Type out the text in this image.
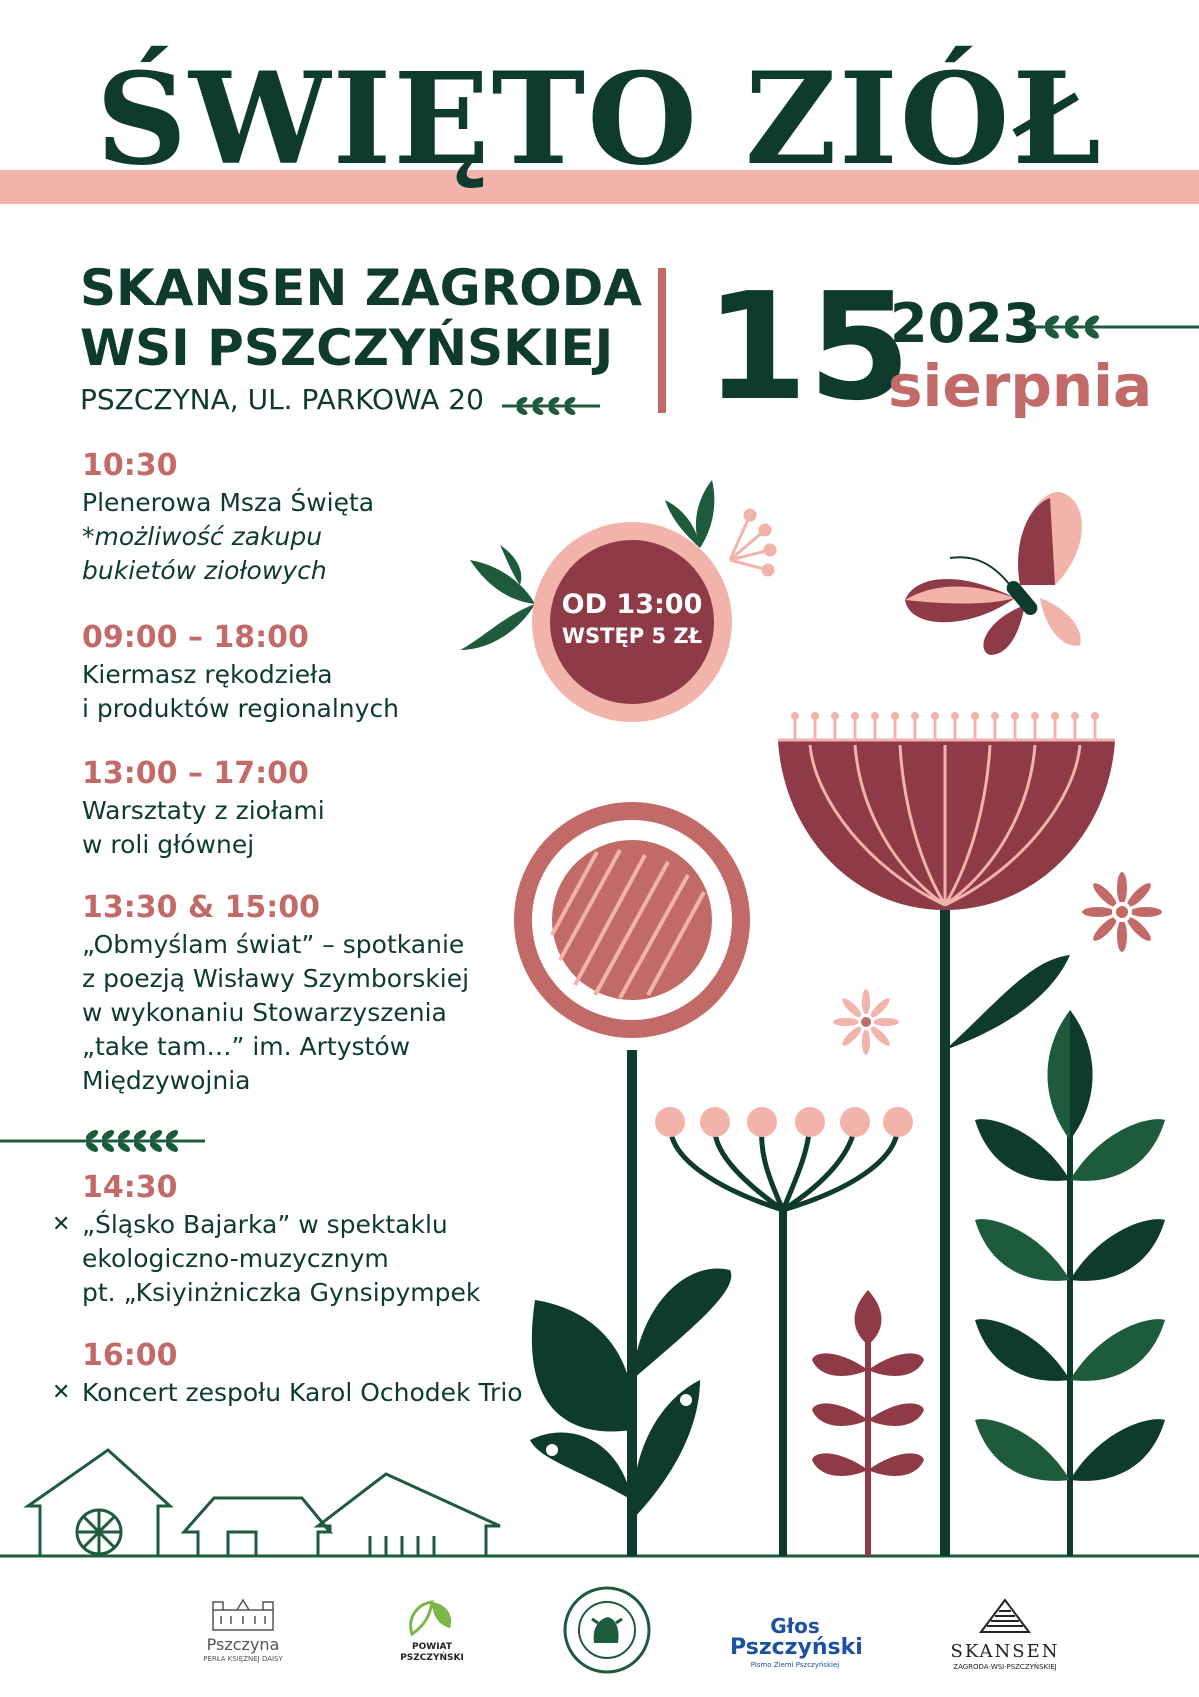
ŚWIĘTO ZIÓŁ
SKANSEN ZAGRODA
WSI PSZCZYŃSKIEJ
PSZCZYNA, UL. PARKOWA 20 15
2023
sierpnia
10:30
Plenerowa Msza Święta
*możliwość zakupu
bukietów ziołowych
09:00 – 18:00
Kiermasz rękodzieła
i produktów regionalnych
13:00 – 17:00
Warsztaty z ziołami
w roli głównej
13:30 & 15:00
„Obmyślam świat” – spotkanie
z poezją Wisławy Szymborskiej
w wykonaniu Stowarzyszenia
„take tam…” im. Artystów
Międzywojnia
14:30
✕ „Śląsko Bajarka” w spektaklu
ekologiczno-muzycznym
pt. „Ksiyinżniczka Gynsipympek
16:00
✕ Koncert zespołu Karol Ochodek Trio
OD 13:00
WSTĘP 5 ZŁ
Pszczyna
PERŁA KSIĘŻNEJ DAISY
POWIAT
PSZCZYŃSKI
Głos
Pszczyński
Pismo Ziemi Pszczyńskiej
SKANSEN
ZAGRODA·WSI·PSZCZYŃSKIEJ
